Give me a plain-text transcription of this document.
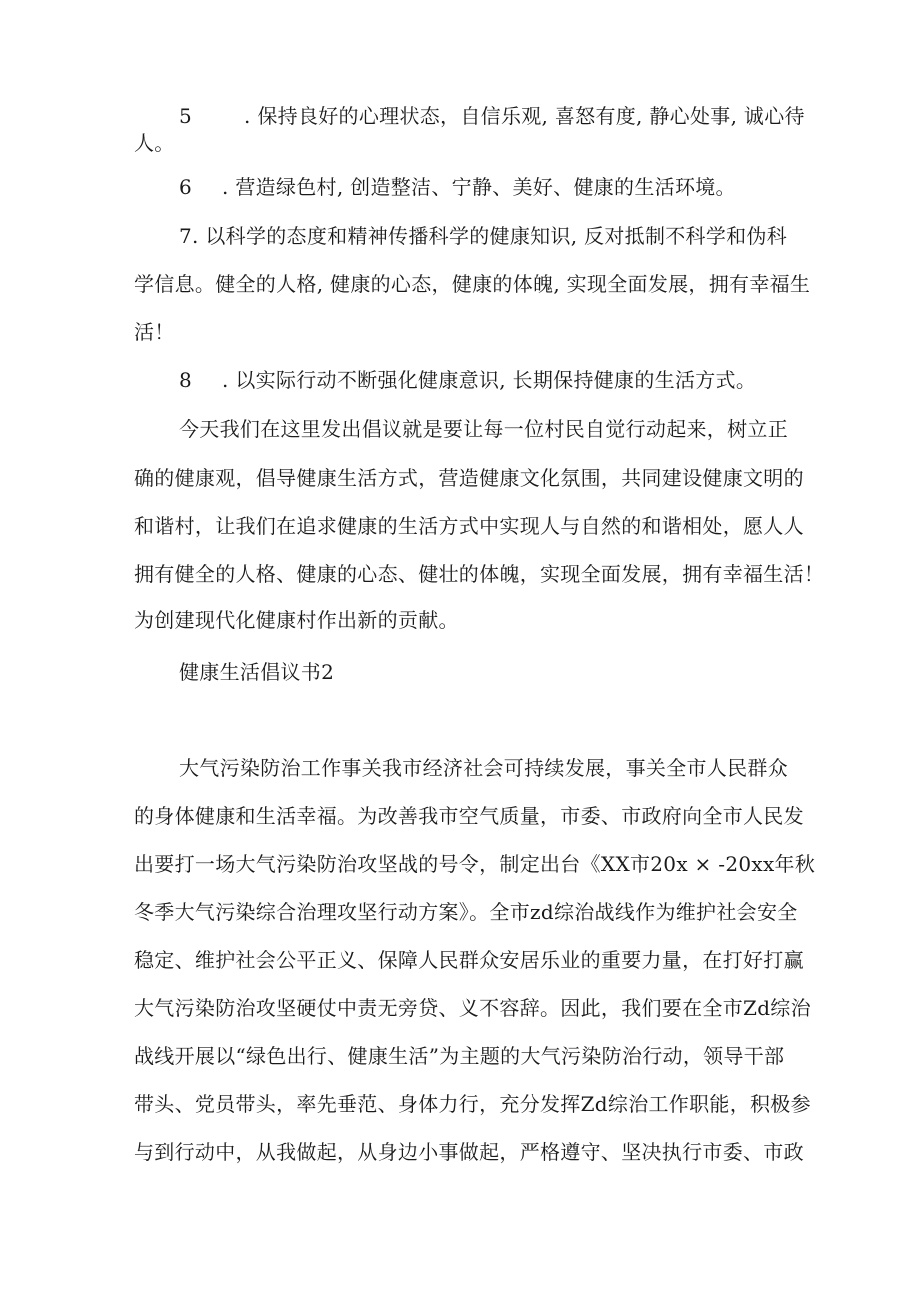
5	. 保持良好的心理状态，自信乐观, 喜怒有度, 静心处事, 诚心待
人。
6 . 营造绿色村, 创造整洁、宁静、美好、健康的生活环境。
7. 以科学的态度和精神传播科学的健康知识, 反对抵制不科学和伪科
学信息。健全的人格, 健康的心态，健康的体魄, 实现全面发展，拥有幸福生
活！
8 . 以实际行动不断强化健康意识, 长期保持健康的生活方式。
今天我们在这里发出倡议就是要让每一位村民自觉行动起来，树立正
确的健康观，倡导健康生活方式，营造健康文化氛围，共同建设健康文明的
和谐村，让我们在追求健康的生活方式中实现人与自然的和谐相处，愿人人
拥有健全的人格、健康的心态、健壮的体魄，实现全面发展，拥有幸福生活！
为创建现代化健康村作出新的贡献。
健康生活倡议书2
大气污染防治工作事关我市经济社会可持续发展，事关全市人民群众
的身体健康和生活幸福。为改善我市空气质量，市委、市政府向全市人民发
出要打一场大气污染防治攻坚战的号令，制定出台《XX市20x × -20xx年秋
冬季大气污染综合治理攻坚行动方案》。全市zd综治战线作为维护社会安全
稳定、维护社会公平正义、保障人民群众安居乐业的重要力量，在打好打赢
大气污染防治攻坚硬仗中责无旁贷、义不容辞。因此，我们要在全市Zd综治
战线开展以“绿色出行、健康生活”为主题的大气污染防治行动，领导干部
带头、党员带头，率先垂范、身体力行，充分发挥Zd综治工作职能，积极参
与到行动中，从我做起，从身边小事做起，严格遵守、坚决执行市委、市政
